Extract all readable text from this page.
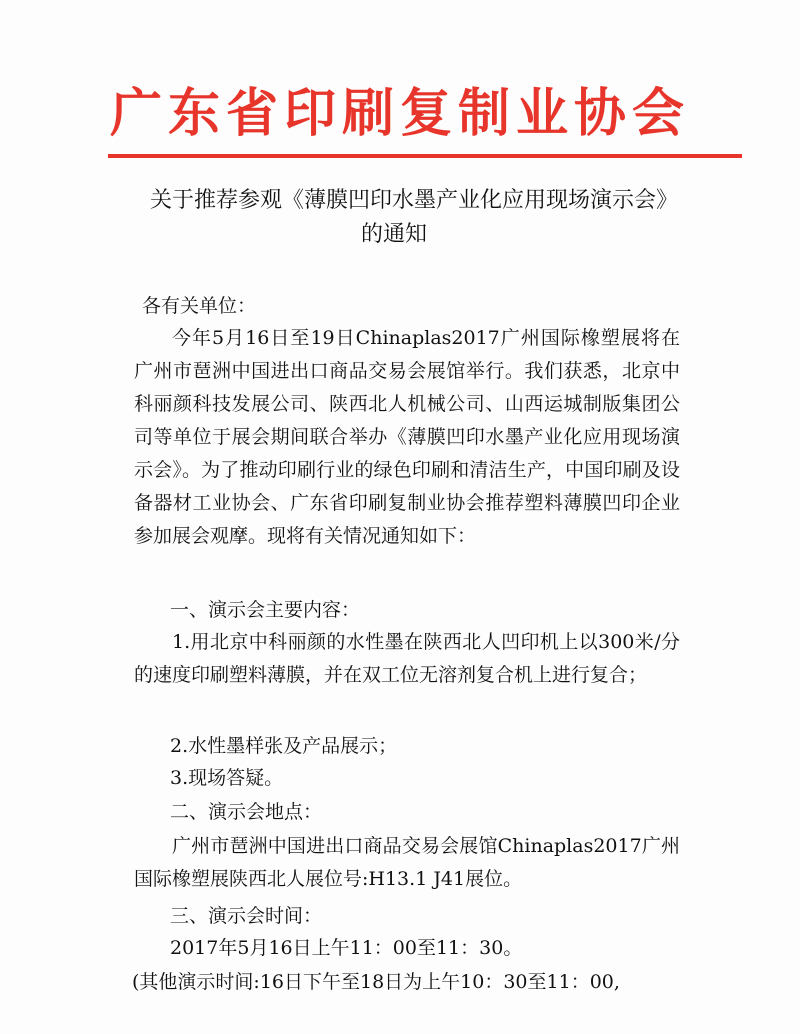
广东省印刷复制业协会
关于推荐参观《薄膜凹印水墨产业化应用现场演示会》
的通知
各有关单位：
今年5月16日至19日Chinaplas2017广州国际橡塑展将在广州市琶洲中国进出口商品交易会展馆举行。我们获悉，北京中科丽颜科技发展公司、陕西北人机械公司、山西运城制版集团公司等单位于展会期间联合举办《薄膜凹印水墨产业化应用现场演示会》。为了推动印刷行业的绿色印刷和清洁生产，中国印刷及设备器材工业协会、广东省印刷复制业协会推荐塑料薄膜凹印企业参加展会观摩。现将有关情况通知如下：
一、演示会主要内容：
1.用北京中科丽颜的水性墨在陕西北人凹印机上以300米/分的速度印刷塑料薄膜，并在双工位无溶剂复合机上进行复合；
2.水性墨样张及产品展示；
3.现场答疑。
二、演示会地点：
广州市琶洲中国进出口商品交易会展馆Chinaplas2017广州国际橡塑展陕西北人展位号:H13.1 J41展位。
三、演示会时间：
2017年5月16日上午11：00至11：30。
(其他演示时间:16日下午至18日为上午10：30至11：00,
